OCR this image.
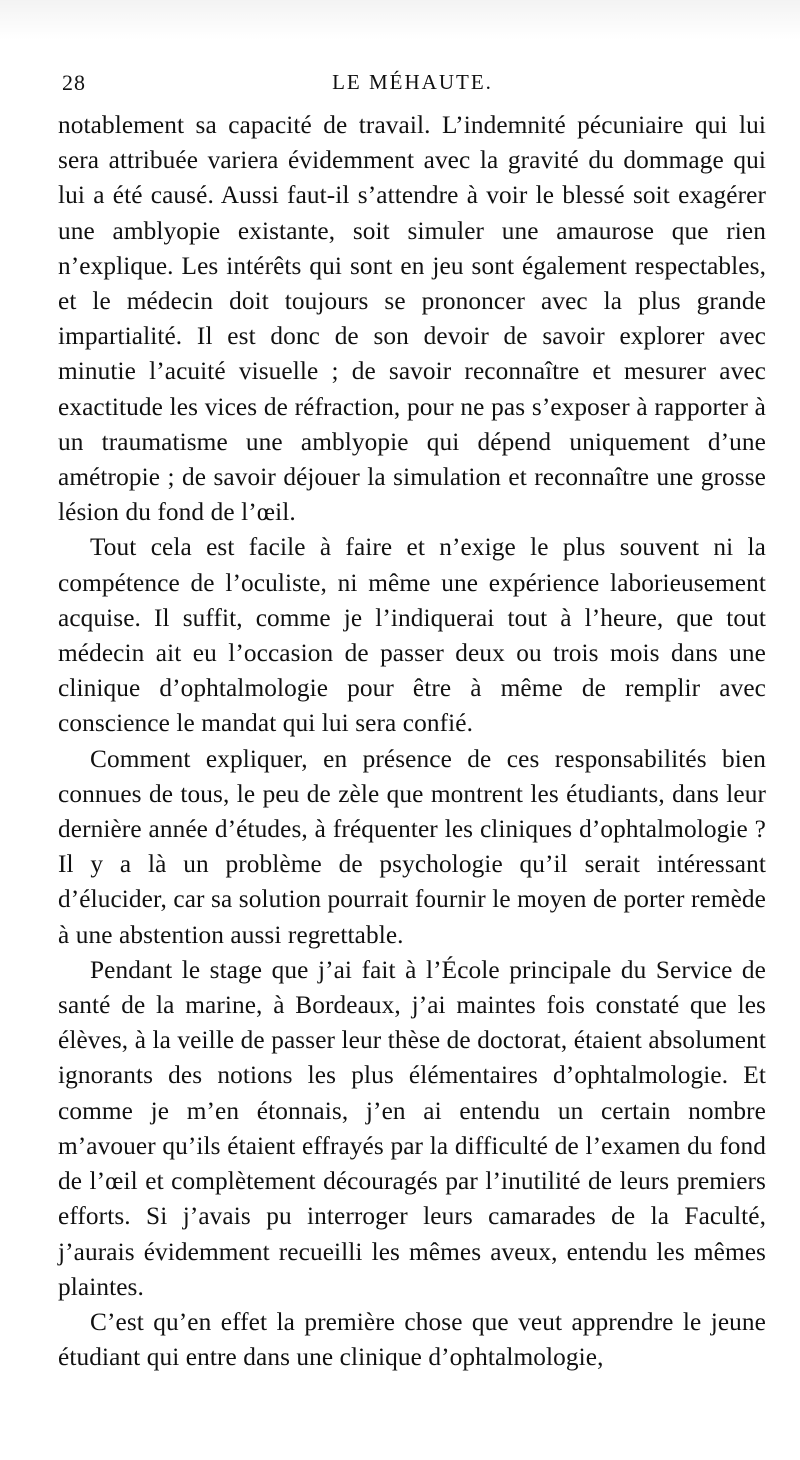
28	LE MÉHAUTE.

notablement sa capacité de travail. L’indemnité pécuniaire qui lui sera attribuée variera évidemment avec la gravité du dommage qui lui a été causé. Aussi faut-il s’attendre à voir le blessé soit exagérer une amblyopie existante, soit simuler une amaurose que rien n’explique. Les intérêts qui sont en jeu sont également respectables, et le médecin doit toujours se prononcer avec la plus grande impartialité. Il est donc de son devoir de savoir explorer avec minutie l’acuité visuelle ; de savoir reconnaître et mesurer avec exactitude les vices de réfraction, pour ne pas s’exposer à rapporter à un traumatisme une amblyopie qui dépend uniquement d’une amétropie ; de savoir déjouer la simulation et reconnaître une grosse lésion du fond de l’œil.

Tout cela est facile à faire et n’exige le plus souvent ni la compétence de l’oculiste, ni même une expérience laborieusement acquise. Il suffit, comme je l’indiquerai tout à l’heure, que tout médecin ait eu l’occasion de passer deux ou trois mois dans une clinique d’ophtalmologie pour être à même de remplir avec conscience le mandat qui lui sera confié.

Comment expliquer, en présence de ces responsabilités bien connues de tous, le peu de zèle que montrent les étudiants, dans leur dernière année d’études, à fréquenter les cliniques d’ophtalmologie ? Il y a là un problème de psychologie qu’il serait intéressant d’élucider, car sa solution pourrait fournir le moyen de porter remède à une abstention aussi regrettable.

Pendant le stage que j’ai fait à l’École principale du Service de santé de la marine, à Bordeaux, j’ai maintes fois constaté que les élèves, à la veille de passer leur thèse de doctorat, étaient absolument ignorants des notions les plus élémentaires d’ophtalmologie. Et comme je m’en étonnais, j’en ai entendu un certain nombre m’avouer qu’ils étaient effrayés par la difficulté de l’examen du fond de l’œil et complètement découragés par l’inutilité de leurs premiers efforts. Si j’avais pu interroger leurs camarades de la Faculté, j’aurais évidemment recueilli les mêmes aveux, entendu les mêmes plaintes.

C’est qu’en effet la première chose que veut apprendre le jeune étudiant qui entre dans une clinique d’ophtalmologie,
